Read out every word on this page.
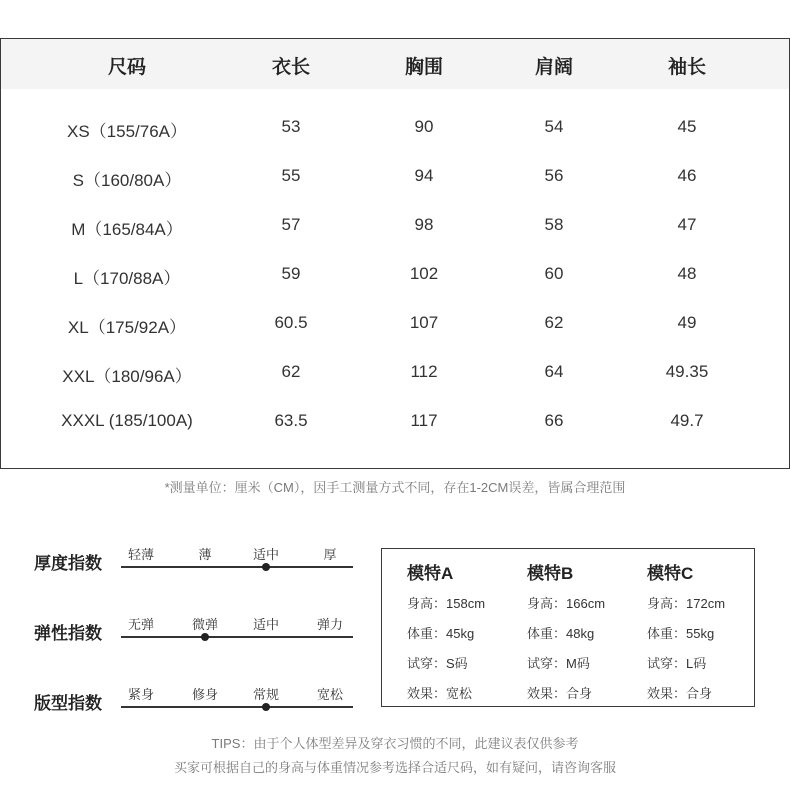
尺码	衣长	胸围	肩阔	袖长
XS（155/76A）	53	90	54	45
S（160/80A）	55	94	56	46
M（165/84A）	57	98	58	47
L（170/88A）	59	102	60	48
XL（175/92A）	60.5	107	62	49
XXL（180/96A）	62	112	64	49.35
XXXL (185/100A)	63.5	117	66	49.7
*测量单位：厘米（CM），因手工测量方式不同，存在1-2CM误差，皆属合理范围
厚度指数
弹性指数
版型指数
轻薄	薄	适中	厚
无弹	微弹	适中	弹力
紧身	修身	常规	宽松
模特A
身高：158cm
体重：45kg
试穿：S码
效果：宽松
模特B
身高：166cm
体重：48kg
试穿：M码
效果：合身
模特C
身高：172cm
体重：55kg
试穿：L码
效果：合身
TIPS：由于个人体型差异及穿衣习惯的不同，此建议表仅供参考
买家可根据自己的身高与体重情况参考选择合适尺码，如有疑问，请咨询客服
